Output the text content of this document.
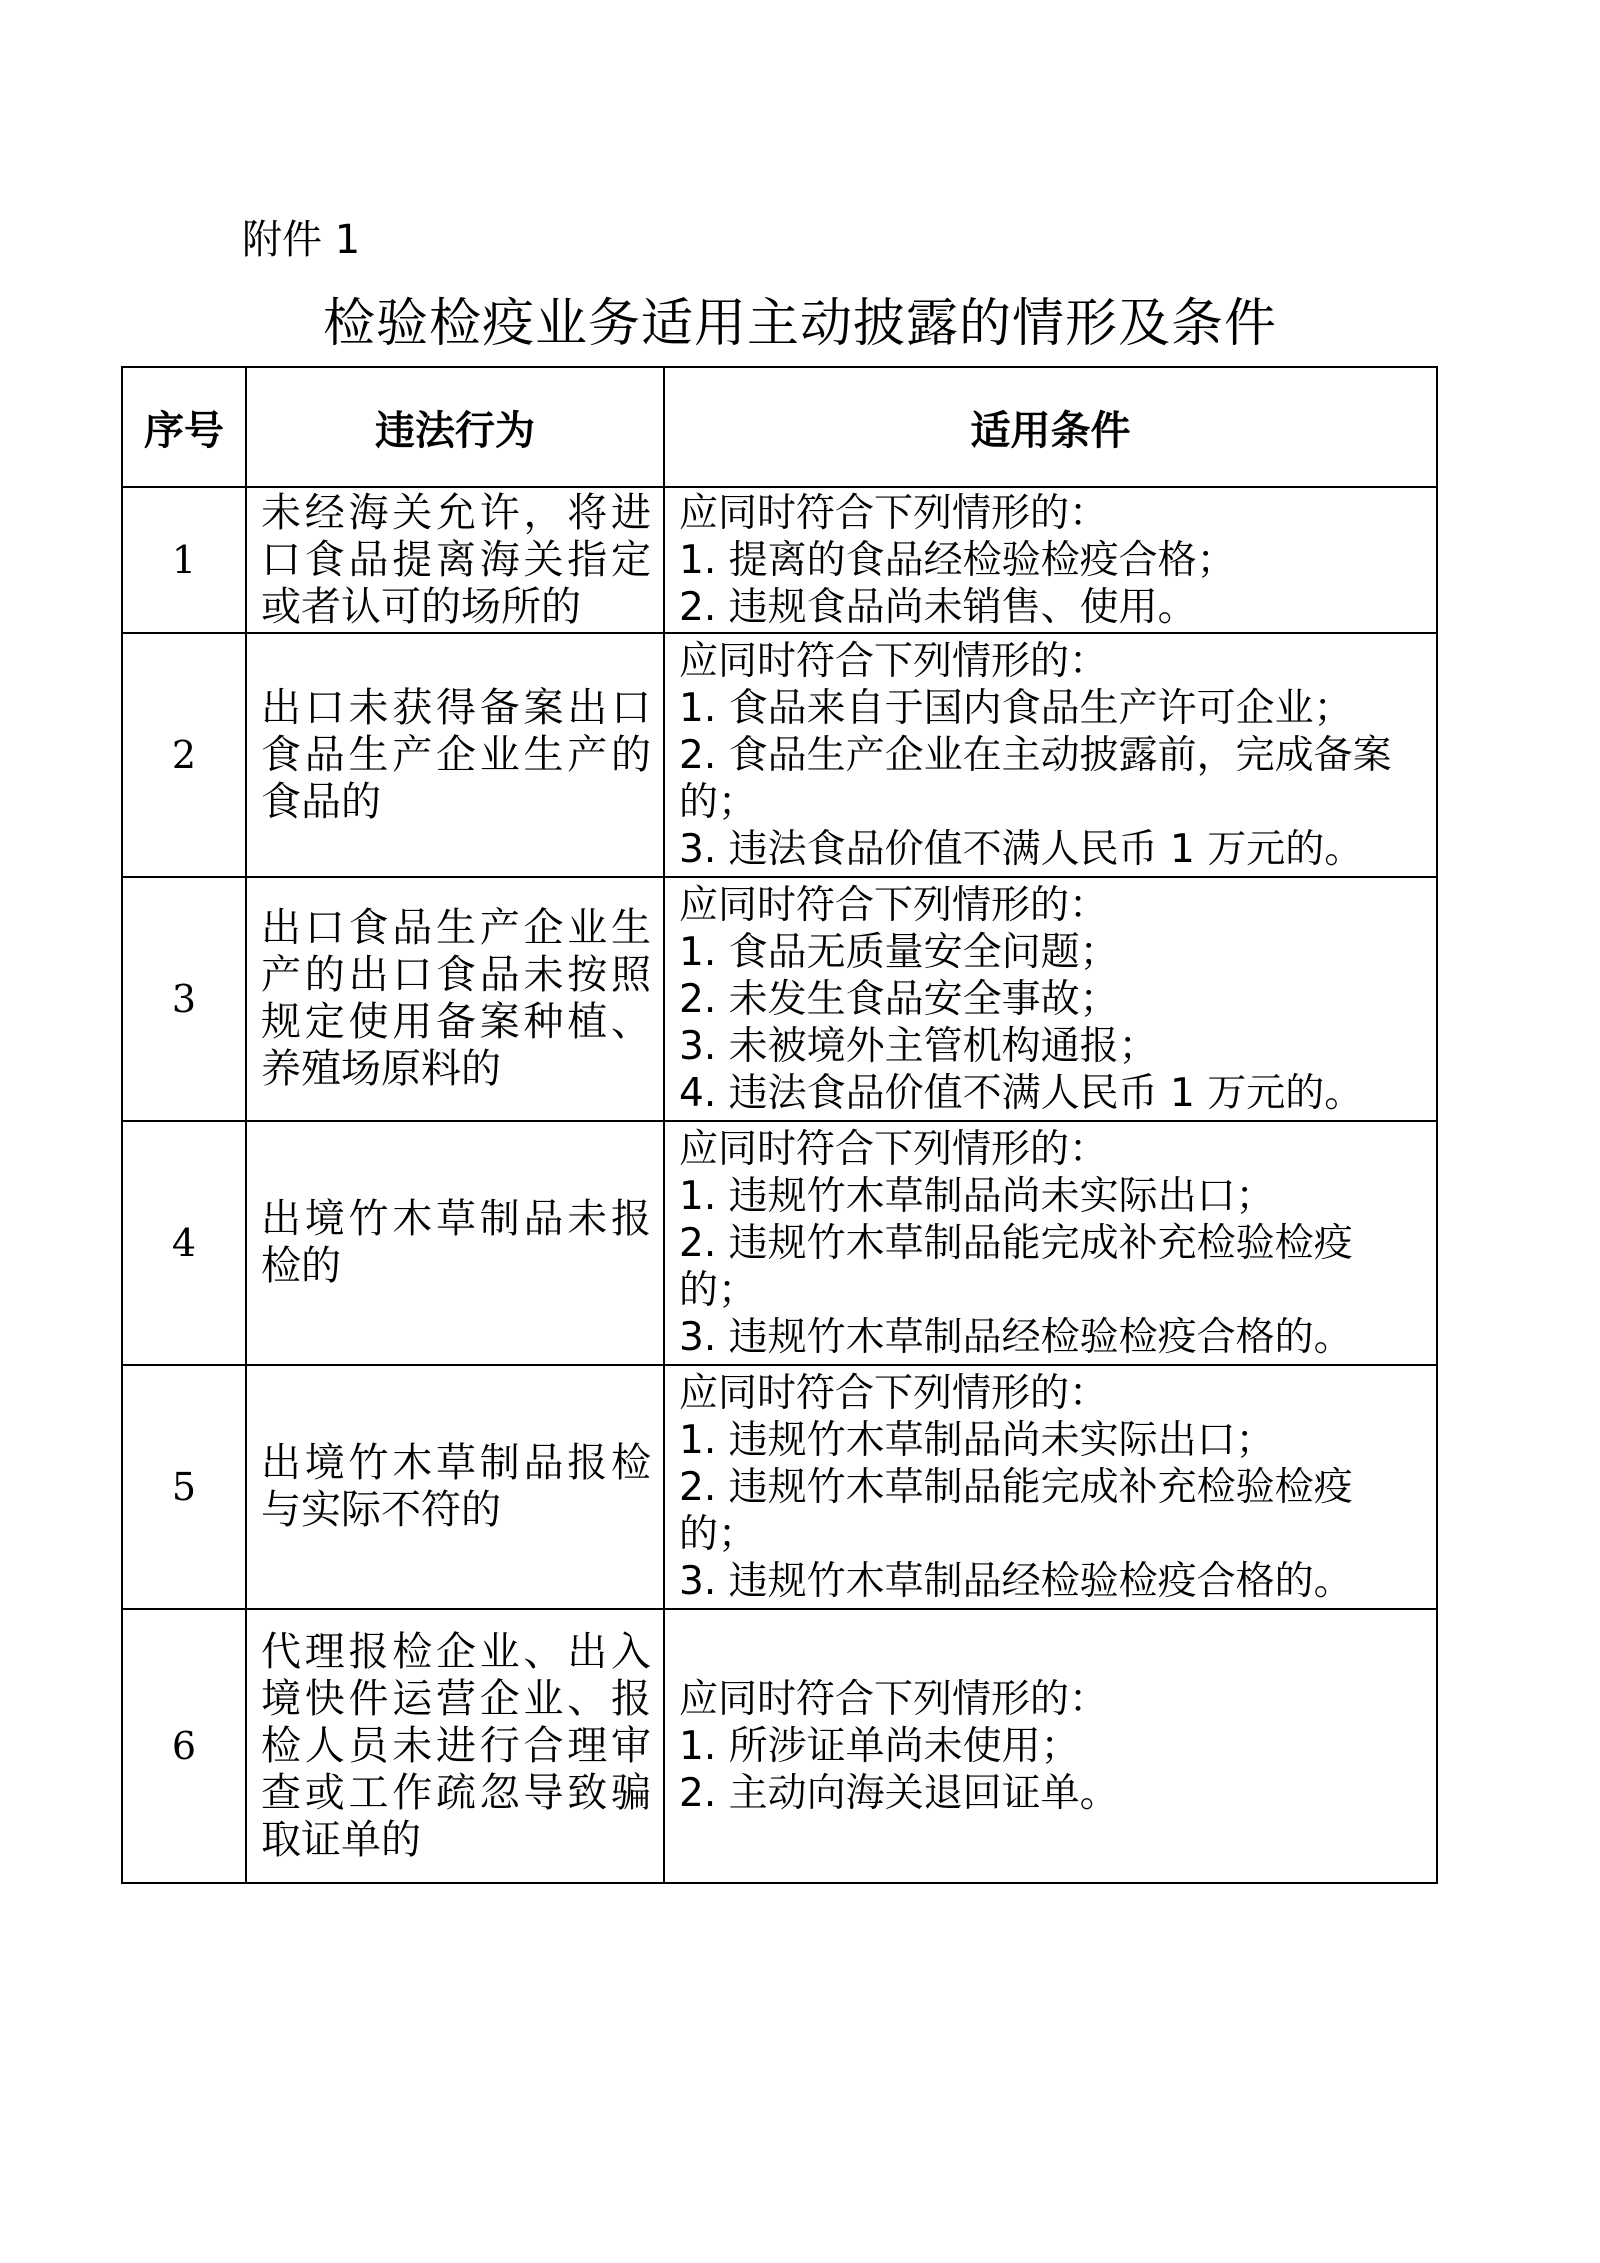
附件 1
检验检疫业务适用主动披露的情形及条件
序号	违法行为	适用条件
1	未经海关允许，将进口食品提离海关指定或者认可的场所的	应同时符合下列情形的：
1. 提离的食品经检验检疫合格；
2. 违规食品尚未销售、使用。

2	出口未获得备案出口食品生产企业生产的食品的	应同时符合下列情形的：
1. 食品来自于国内食品生产许可企业；
2. 食品生产企业在主动披露前，完成备案的；
3. 违法食品价值不满人民币 1 万元的。

3	出口食品生产企业生产的出口食品未按照规定使用备案种植、养殖场原料的	应同时符合下列情形的：
1. 食品无质量安全问题；
2. 未发生食品安全事故；
3. 未被境外主管机构通报；
4. 违法食品价值不满人民币 1 万元的。

4	出境竹木草制品未报检的	应同时符合下列情形的：
1. 违规竹木草制品尚未实际出口；
2. 违规竹木草制品能完成补充检验检疫的；
3. 违规竹木草制品经检验检疫合格的。

5	出境竹木草制品报检与实际不符的	应同时符合下列情形的：
1. 违规竹木草制品尚未实际出口；
2. 违规竹木草制品能完成补充检验检疫的；
3. 违规竹木草制品经检验检疫合格的。

6	代理报检企业、出入境快件运营企业、报检人员未进行合理审查或工作疏忽导致骗取证单的	应同时符合下列情形的：
1. 所涉证单尚未使用；
2. 主动向海关退回证单。
